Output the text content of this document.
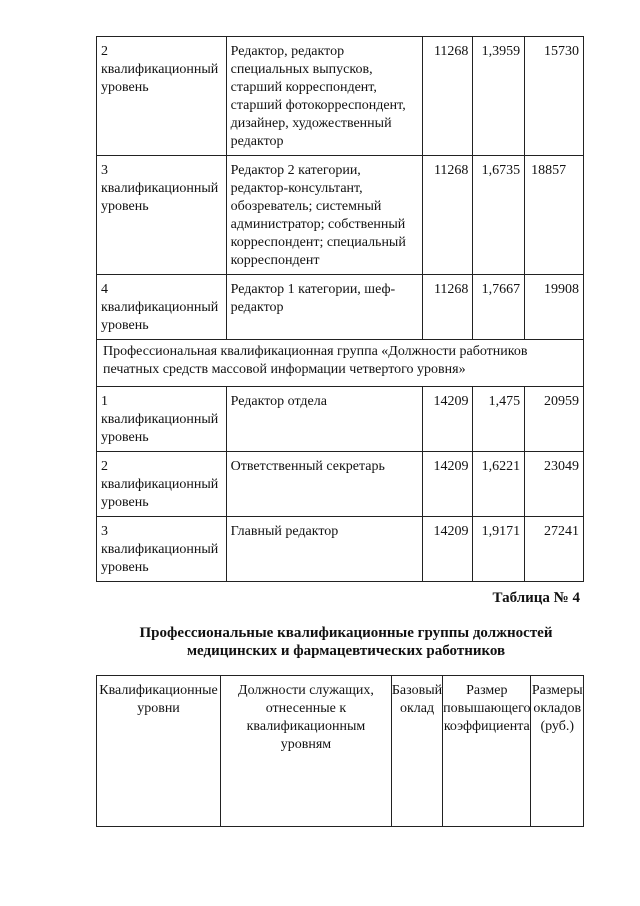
2 квалификационный уровень	Редактор, редактор специальных выпусков, старший корреспондент, старший фотокорреспондент, дизайнер, художественный редактор	11268	1,3959	15730
3 квалификационный уровень	Редактор 2 категории, редактор-консультант, обозреватель; системный администратор; собственный корреспондент; специальный корреспондент	11268	1,6735	18857
4 квалификационный уровень	Редактор 1 категории, шеф-редактор	11268	1,7667	19908
Профессиональная квалификационная группа «Должности работников печатных средств массовой информации четвертого уровня»				
1 квалификационный уровень	Редактор отдела	14209	1,475	20959
2 квалификационный уровень	Ответственный секретарь	14209	1,6221	23049
3 квалификационный уровень	Главный редактор	14209	1,9171	27241
Таблица № 4
Профессиональные квалификационные группы должностей медицинских и фармацевтических работников
Квалификационные уровни	Должности служащих, отнесенные к квалификационным уровням	Базовый оклад	Размер повышающего коэффициента	Размеры окладов (руб.)
